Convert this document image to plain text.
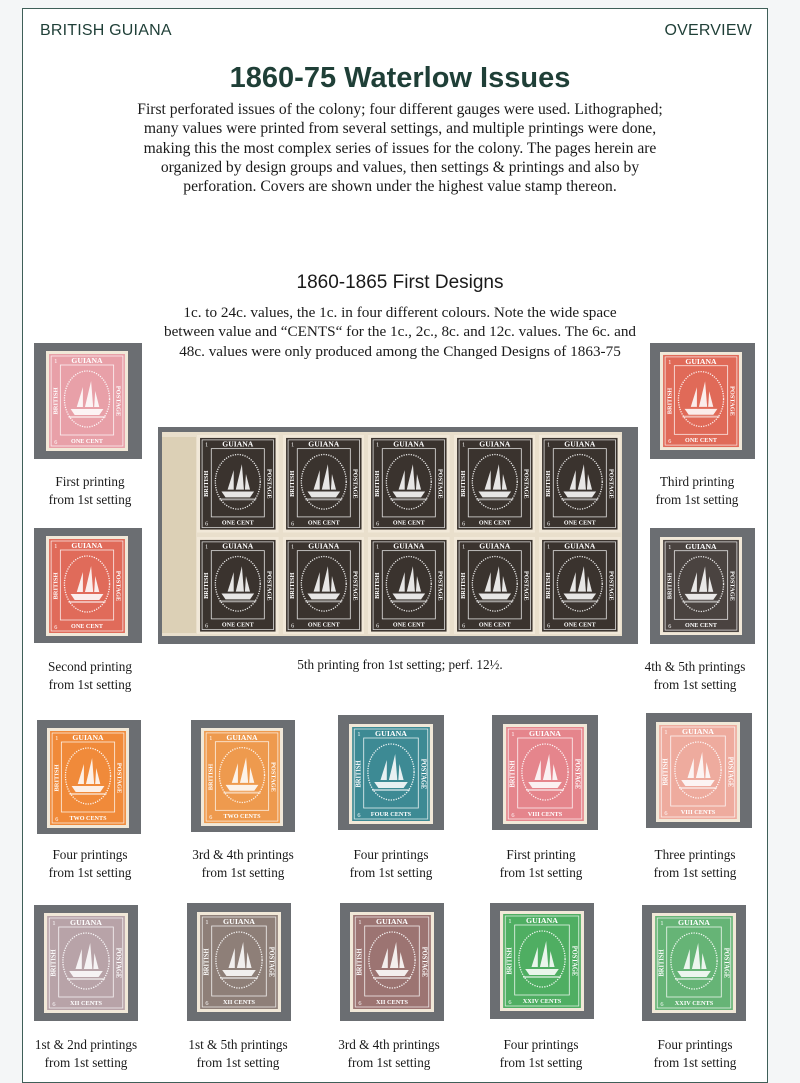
BRITISH GUIANA	OVERVIEW
1860-75 Waterlow Issues
First perforated issues of the colony; four different gauges were used. Lithographed; many values were printed from several settings, and multiple printings were done, making this the most complex series of issues for the colony. The pages herein are organized by design groups and values, then settings & printings and also by perforation. Covers are shown under the highest value stamp thereon.
1860-1865 First Designs
1c. to 24c. values, the 1c. in four different colours. Note the wide space between value and “CENTS“ for the 1c., 2c., 8c. and 12c. values. The 6c. and 48c. values were only produced among the Changed Designs of 1863-75
1
6
GUIANA
ONE CENT
BRITISH	POSTAGE
1
6
GUIANA
ONE CENT
BRITISH	POSTAGE
1
6
GUIANA
ONE CENT
BRITISH	POSTAGE
1
6
GUIANA
ONE CENT
BRITISH	POSTAGE
1
6
GUIANA
ONE CENT
BRITISH	POSTAGE
1
6
GUIANA
ONE CENT
BRITISH	POSTAGE
1
6
GUIANA
ONE CENT
BRITISH	POSTAGE
1
6
GUIANA
ONE CENT
BRITISH	POSTAGE
1
6
GUIANA
ONE CENT
BRITISH	POSTAGE
1
6
GUIANA
ONE CENT
BRITISH	POSTAGE
5th printing fron 1st setting; perf. 12½.
1
6
GUIANA
ONE CENT
BRITISH	POSTAGE
First printing
from 1st setting
1
6
GUIANA
ONE CENT
BRITISH	POSTAGE
Second printing
from 1st setting
1
6
GUIANA
ONE CENT
BRITISH	POSTAGE
Third printing
from 1st setting
1
6
GUIANA
ONE CENT
BRITISH	POSTAGE
4th & 5th printings
from 1st setting
1
6
GUIANA
TWO CENTS
BRITISH	POSTAGE
Four printings
from 1st setting
1
6
GUIANA
TWO CENTS
BRITISH	POSTAGE
3rd & 4th printings
from 1st setting
1
6
GUIANA
FOUR CENTS
BRITISH	POSTAGE
Four printings
from 1st setting
1
6
GUIANA
VIII CENTS
BRITISH	POSTAGE
First printing
from 1st setting
1
6
GUIANA
VIII CENTS
BRITISH	POSTAGE
Three printings
from 1st setting
1
6
GUIANA
XII CENTS
BRITISH	POSTAGE
1st & 2nd printings
from 1st setting
1
6
GUIANA
XII CENTS
BRITISH	POSTAGE
1st & 5th printings
from 1st setting
1
6
GUIANA
XII CENTS
BRITISH	POSTAGE
3rd & 4th printings
from 1st setting
1
6
GUIANA
XXIV CENTS
BRITISH	POSTAGE
Four printings
from 1st setting
1
6
GUIANA
XXIV CENTS
BRITISH	POSTAGE
Four printings
from 1st setting
